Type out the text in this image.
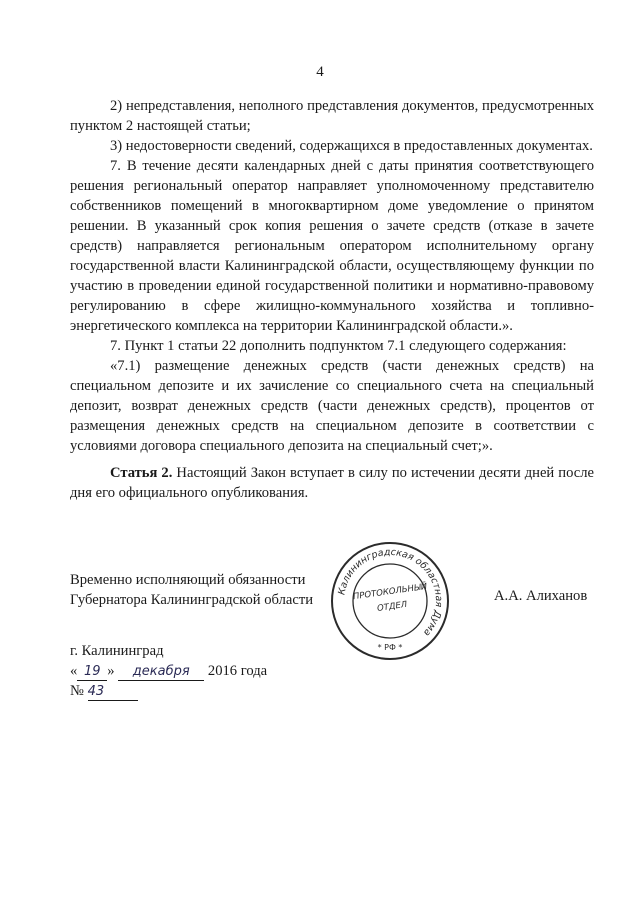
4

2) непредставления, неполного представления документов, предусмотренных пунктом 2 настоящей статьи;

3) недостоверности сведений, содержащихся в предоставленных документах.

7. В течение десяти календарных дней с даты принятия соответствующего решения региональный оператор направляет уполномоченному представителю собственников помещений в многоквартирном доме уведомление о принятом решении. В указанный срок копия решения о зачете средств (отказе в зачете средств) направляется региональным оператором исполнительному органу государственной власти Калининградской области, осуществляющему функции по участию в проведении единой государственной политики и нормативно-правовому регулированию в сфере жилищно-коммунального хозяйства и топливно-энергетического комплекса на территории Калининградской области.».

7. Пункт 1 статьи 22 дополнить подпунктом 7.1 следующего содержания:

«7.1) размещение денежных средств (части денежных средств) на специальном депозите и их зачисление со специального счета на специальный депозит, возврат денежных средств (части денежных средств), процентов от размещения денежных средств на специальном депозите в соответствии с условиями договора специального депозита на специальный счет;».

Статья 2. Настоящий Закон вступает в силу по истечении десяти дней после дня его официального опубликования.

Временно исполняющий обязанности
Губернатора Калининградской области
Калининградская областная Дума
ПРОТОКОЛЬНЫЙ
ОТДЕЛ
* РФ *
А.А. Алиханов
г. Калининград
« 19 » декабря 2016 года
№ 43
